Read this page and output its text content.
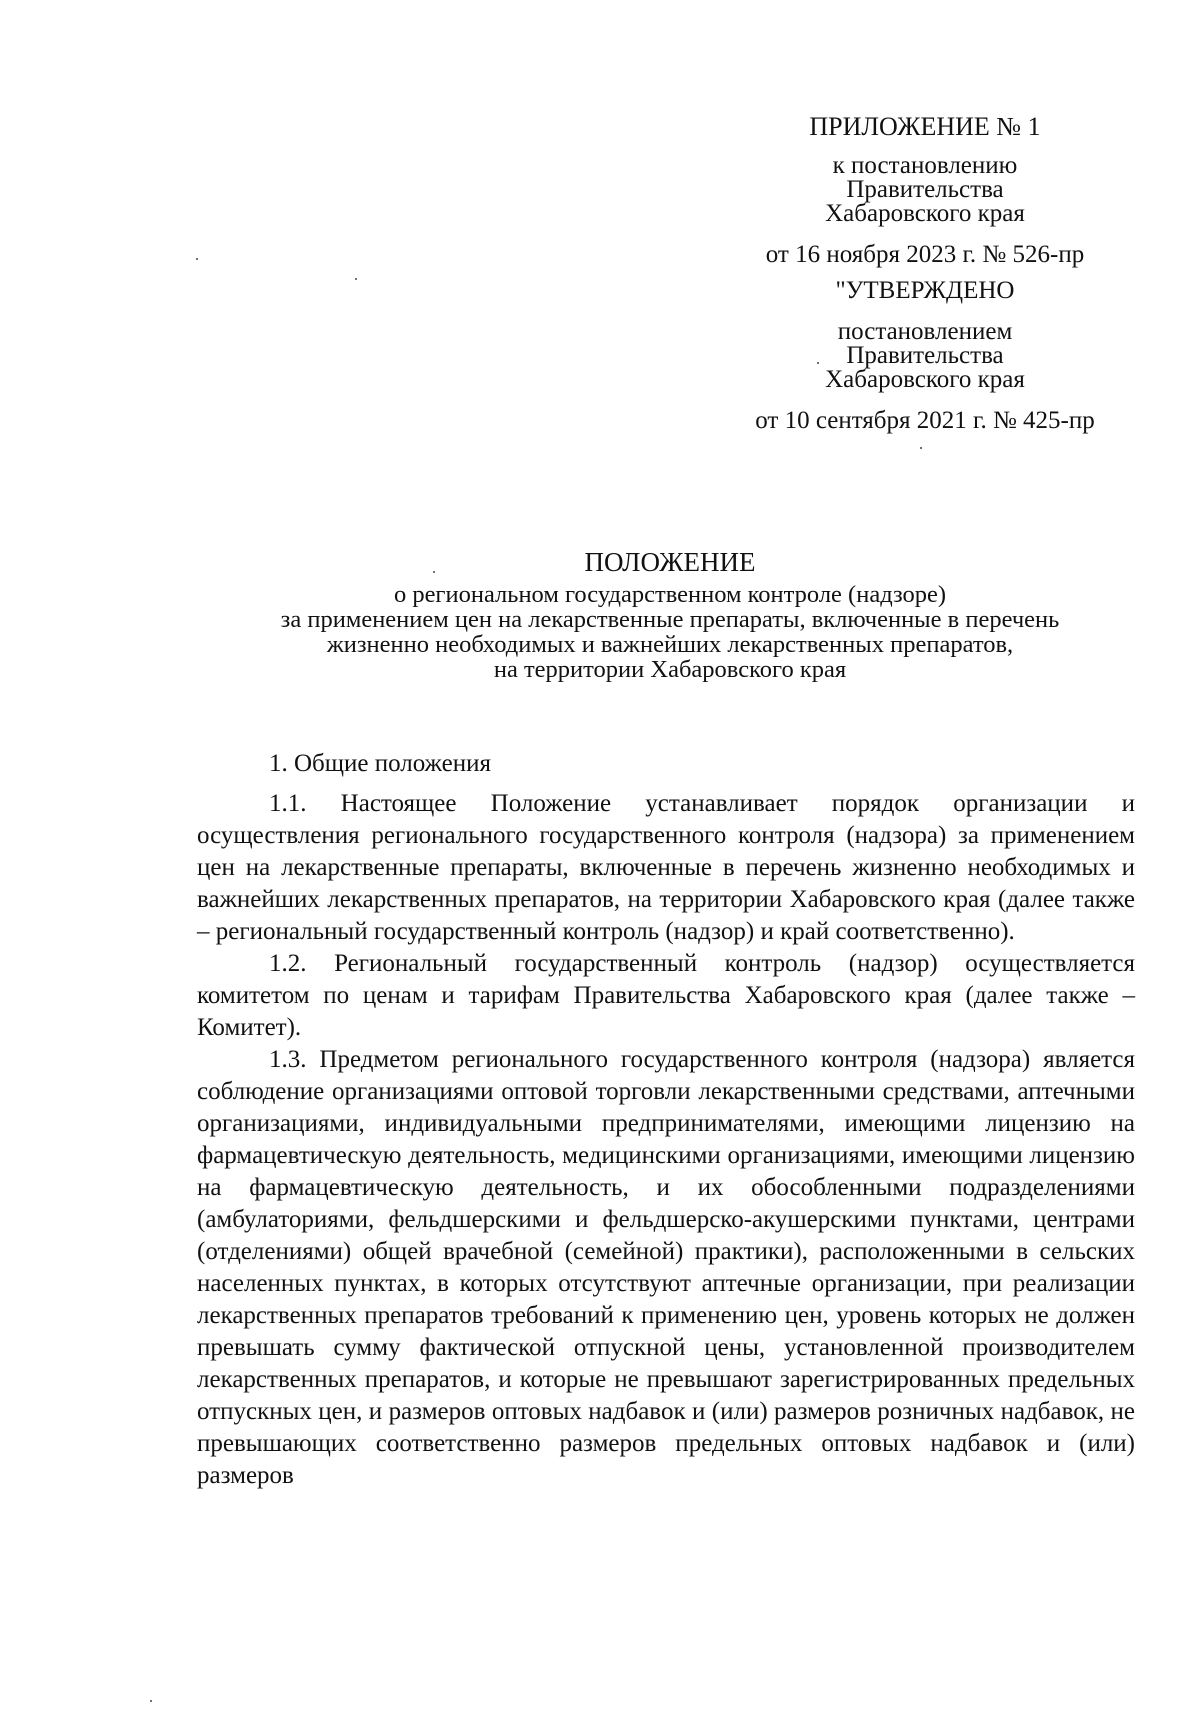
ПРИЛОЖЕНИЕ № 1
к постановлению
Правительства
Хабаровского края
от 16 ноября 2023 г. № 526-пр
"УТВЕРЖДЕНО
постановлением
Правительства
Хабаровского края
от 10 сентября 2021 г. № 425-пр
ПОЛОЖЕНИЕ
о региональном государственном контроле (надзоре)
за применением цен на лекарственные препараты, включенные в перечень
жизненно необходимых и важнейших лекарственных препаратов,
на территории Хабаровского края
1. Общие положения

1.1. Настоящее Положение устанавливает порядок организации и осуществления регионального государственного контроля (надзора) за применением цен на лекарственные препараты, включенные в перечень жизненно необходимых и важнейших лекарственных препаратов, на территории Хабаровского края (далее также – региональный государственный контроль (надзор) и край соответственно).

1.2. Региональный государственный контроль (надзор) осуществляется комитетом по ценам и тарифам Правительства Хабаровского края (далее также – Комитет).

1.3. Предметом регионального государственного контроля (надзора) является соблюдение организациями оптовой торговли лекарственными средствами, аптечными организациями, индивидуальными предпринимателями, имеющими лицензию на фармацевтическую деятельность, медицинскими организациями, имеющими лицензию на фармацевтическую деятельность, и их обособленными подразделениями (амбулаториями, фельдшерскими и фельдшерско-акушерскими пунктами, центрами (отделениями) общей врачебной (семейной) практики), расположенными в сельских населенных пунктах, в которых отсутствуют аптечные организации, при реализации лекарственных препаратов требований к применению цен, уровень которых не должен превышать сумму фактической отпускной цены, установленной производителем лекарственных препаратов, и которые не превышают зарегистрированных предельных отпускных цен, и размеров оптовых надбавок и (или) размеров розничных надбавок, не превышающих соответственно размеров предельных оптовых надбавок и (или) размеров
